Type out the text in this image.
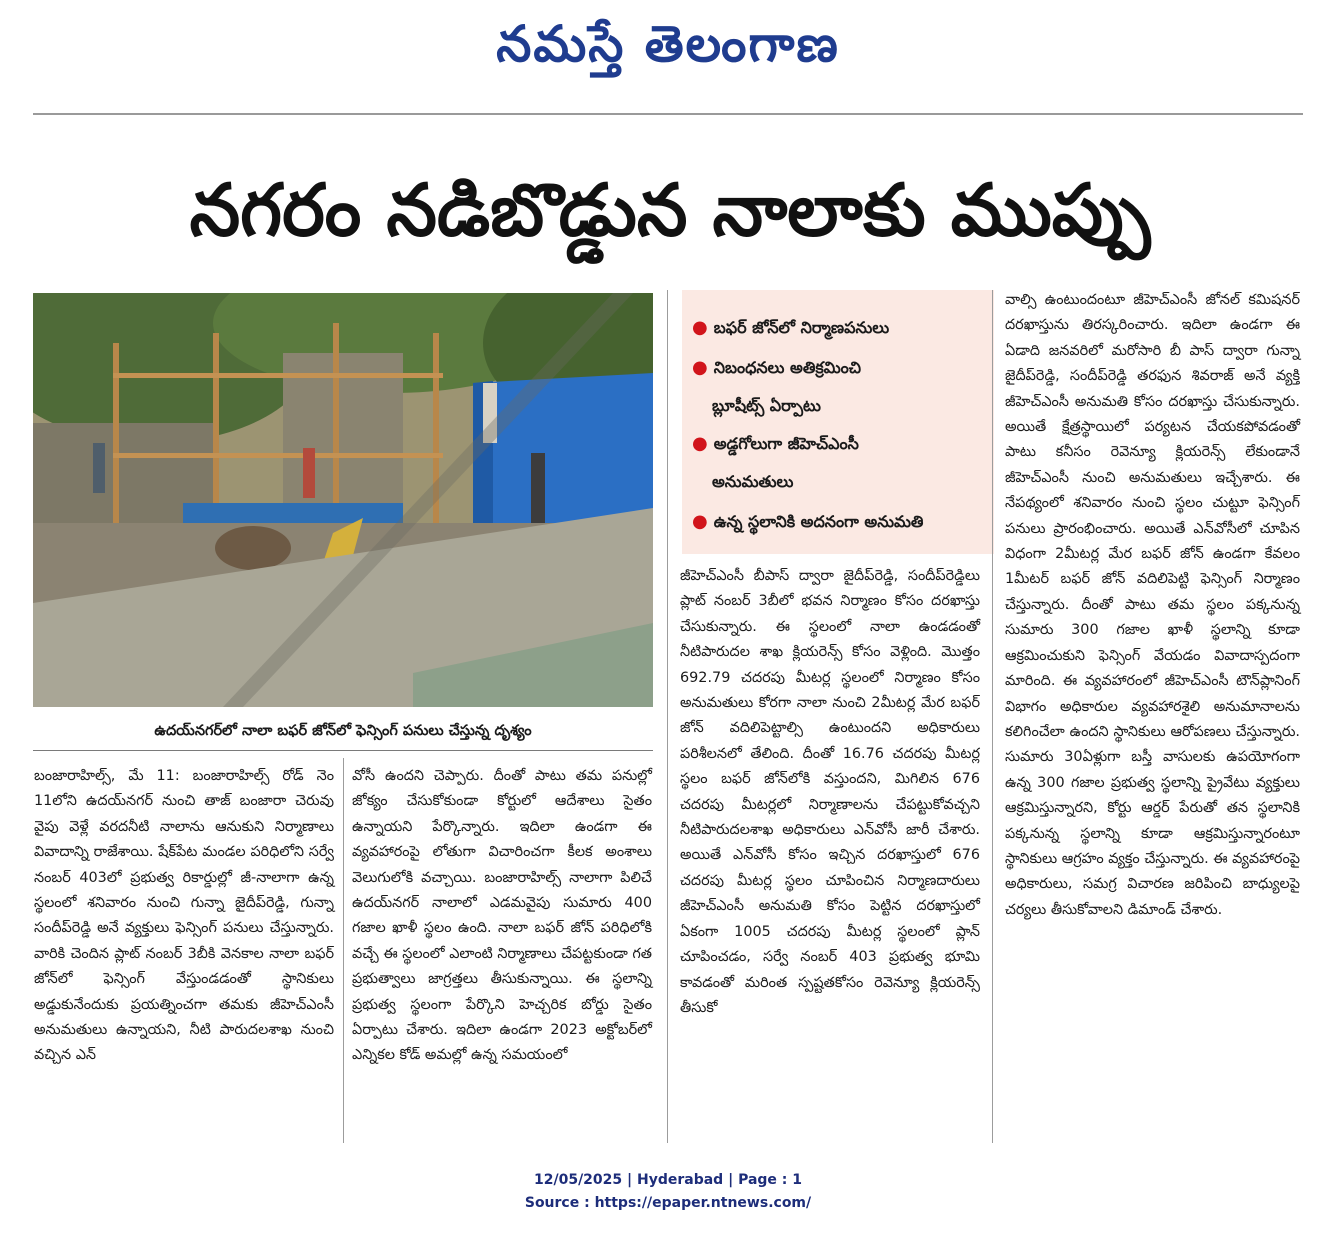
నమస్తే తెలంగాణ
నగరం నడిబొడ్డున నాలాకు ముప్పు
ఉదయ్‌నగర్‌లో నాలా బఫర్ జోన్‌లో ఫెన్సింగ్ పనులు చేస్తున్న దృశ్యం
● బఫర్ జోన్‌లో నిర్మాణపనులు
● నిబంధనలు అతిక్రమించి
బ్లూషీట్స్ ఏర్పాటు
● అడ్డగోలుగా జీహెచ్ఎంసీ
అనుమతులు
● ఉన్న స్థలానికి అదనంగా అనుమతి

బంజారాహిల్స్, మే 11: బంజారాహిల్స్ రోడ్ నెం 11లోని ఉదయ్‌నగర్ నుంచి తాజ్ బంజారా చెరువు వైపు వెళ్లే వరదనీటి నాలాను ఆనుకుని నిర్మాణాలు వివాదాన్ని రాజేశాయి. షేక్‌పేట మండల పరిధిలోని సర్వే నంబర్ 403లో ప్రభుత్వ రికార్డుల్లో జీ-నాలాగా ఉన్న స్థలంలో శనివారం నుంచి గున్నా జైదీప్‌రెడ్డి, గున్నా సందీప్‌రెడ్డి అనే వ్యక్తులు ఫెన్సింగ్ పనులు చేస్తున్నారు. వారికి చెందిన ప్లాట్ నంబర్ 3బీకి వెనకాల నాలా బఫర్ జోన్‌లో ఫెన్సింగ్ వేస్తుండడంతో స్థానికులు అడ్డుకునేందుకు ప్రయత్నించగా తమకు జీహెచ్ఎంసీ అనుమతులు ఉన్నాయని, నీటి పారుదలశాఖ నుంచి వచ్చిన ఎన్

వోసీ ఉందని చెప్పారు. దీంతో పాటు తమ పనుల్లో జోక్యం చేసుకోకుండా కోర్టులో ఆదేశాలు సైతం ఉన్నాయని పేర్కొన్నారు. ఇదిలా ఉండగా ఈ వ్యవహారంపై లోతుగా విచారించగా కీలక అంశాలు వెలుగులోకి వచ్చాయి. బంజారాహిల్స్ నాలాగా పిలిచే ఉదయ్‌నగర్ నాలాలో ఎడమవైపు సుమారు 400 గజాల ఖాళీ స్థలం ఉంది. నాలా బఫర్ జోన్ పరిధిలోకి వచ్చే ఈ స్థలంలో ఎలాంటి నిర్మాణాలు చేపట్టకుండా గత ప్రభుత్వాలు జాగ్రత్తలు తీసుకున్నాయి. ఈ స్థలాన్ని ప్రభుత్వ స్థలంగా పేర్కొని హెచ్చరిక బోర్డు సైతం ఏర్పాటు చేశారు. ఇదిలా ఉండగా 2023 అక్టోబర్‌లో ఎన్నికల కోడ్ అమల్లో ఉన్న సమయంలో

జీహెచ్ఎంసీ బీపాస్ ద్వారా జైదీప్‌రెడ్డి, సందీప్‌రెడ్డిలు ప్లాట్ నంబర్ 3బీలో భవన నిర్మాణం కోసం దరఖాస్తు చేసుకున్నారు. ఈ స్థలంలో నాలా ఉండడంతో నీటిపారుదల శాఖ క్లియరెన్స్ కోసం వెళ్లింది. మొత్తం 692.79 చదరపు మీటర్ల స్థలంలో నిర్మాణం కోసం అనుమతులు కోరగా నాలా నుంచి 2మీటర్ల మేర బఫర్ జోన్ వదిలిపెట్టాల్సి ఉంటుందని అధికారులు పరిశీలనలో తేలింది. దీంతో 16.76 చదరపు మీటర్ల స్థలం బఫర్ జోన్‌లోకి వస్తుందని, మిగిలిన 676 చదరపు మీటర్లలో నిర్మాణాలను చేపట్టుకోవచ్చని నీటిపారుదలశాఖ అధికారులు ఎన్‌వోసీ జారీ చేశారు. అయితే ఎన్‌వోసీ కోసం ఇచ్చిన దరఖాస్తులో 676 చదరపు మీటర్ల స్థలం చూపించిన నిర్మాణదారులు జీహెచ్ఎంసీ అనుమతి కోసం పెట్టిన దరఖాస్తులో ఏకంగా 1005 చదరపు మీటర్ల స్థలంలో ప్లాన్ చూపించడం, సర్వే నంబర్ 403 ప్రభుత్వ భూమి కావడంతో మరింత స్పష్టతకోసం రెవెన్యూ క్లియరెన్స్ తీసుకో

వాల్సి ఉంటుందంటూ జీహెచ్ఎంసీ జోనల్ కమిషనర్ దరఖాస్తును తిరస్కరించారు. ఇదిలా ఉండగా ఈ ఏడాది జనవరిలో మరోసారి బీ పాస్ ద్వారా గున్నా జైదీప్‌రెడ్డి, సందీప్‌రెడ్డి తరఫున శివరాజ్ అనే వ్యక్తి జీహెచ్ఎంసీ అనుమతి కోసం దరఖాస్తు చేసుకున్నారు. అయితే క్షేత్రస్థాయిలో పర్యటన చేయకపోవడంతో పాటు కనీసం రెవెన్యూ క్లియరెన్స్ లేకుండానే జీహెచ్ఎంసీ నుంచి అనుమతులు ఇచ్చేశారు. ఈ నేపథ్యంలో శనివారం నుంచి స్థలం చుట్టూ ఫెన్సింగ్ పనులు ప్రారంభించారు. అయితే ఎన్‌వోసీలో చూపిన విధంగా 2మీటర్ల మేర బఫర్ జోన్ ఉండగా కేవలం 1మీటర్ బఫర్ జోన్ వదిలిపెట్టి ఫెన్సింగ్ నిర్మాణం చేస్తున్నారు. దీంతో పాటు తమ స్థలం పక్కనున్న సుమారు 300 గజాల ఖాళీ స్థలాన్ని కూడా ఆక్రమించుకుని ఫెన్సింగ్ వేయడం వివాదాస్పదంగా మారింది. ఈ వ్యవహారంలో జీహెచ్ఎంసీ టౌన్‌ప్లానింగ్ విభాగం అధికారుల వ్యవహారశైలి అనుమానాలను కలిగించేలా ఉందని స్థానికులు ఆరోపణలు చేస్తున్నారు. సుమారు 30ఏళ్లుగా బస్తీ వాసులకు ఉపయోగంగా ఉన్న 300 గజాల ప్రభుత్వ స్థలాన్ని ప్రైవేటు వ్యక్తులు ఆక్రమిస్తున్నారని, కోర్టు ఆర్డర్ పేరుతో తన స్థలానికి పక్కనున్న స్థలాన్ని కూడా ఆక్రమిస్తున్నారంటూ స్థానికులు ఆగ్రహం వ్యక్తం చేస్తున్నారు. ఈ వ్యవహారంపై అధికారులు, సమగ్ర విచారణ జరిపించి బాధ్యులపై చర్యలు తీసుకోవాలని డిమాండ్ చేశారు.

12/05/2025 | Hyderabad | Page : 1
Source : https://epaper.ntnews.com/
